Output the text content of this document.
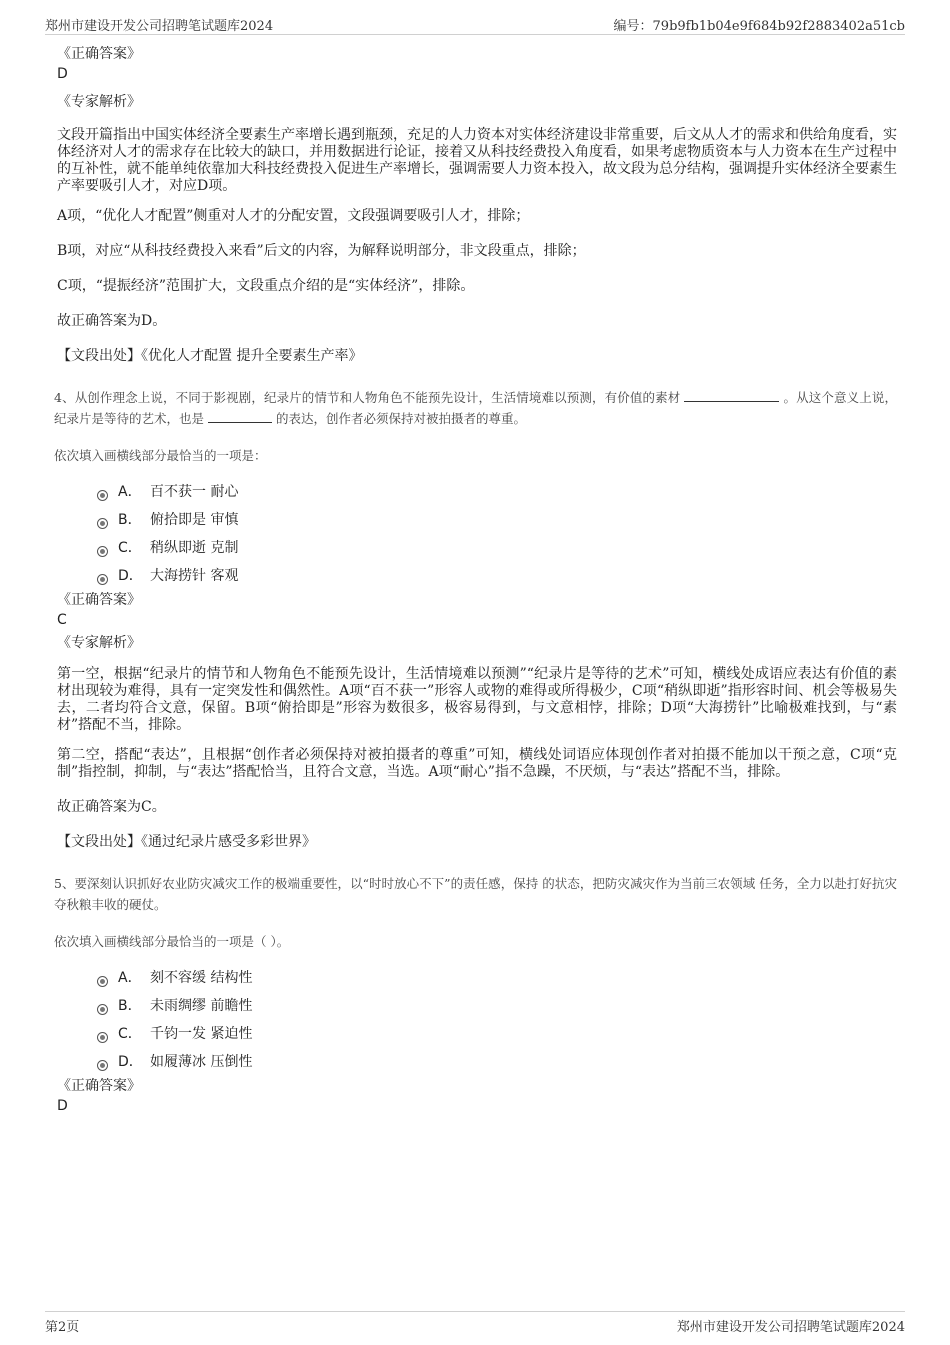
郑州市建设开发公司招聘笔试题库2024	编号：79b9fb1b04e9f684b92f2883402a51cb

《正确答案》

D

《专家解析》

文段开篇指出中国实体经济全要素生产率增长遇到瓶颈，充足的人力资本对实体经济建设非常重要，后文从人才的需求和供给角度看，实体经济对人才的需求存在比较大的缺口，并用数据进行论证，接着又从科技经费投入角度看，如果考虑物质资本与人力资本在生产过程中的互补性，就不能单纯依靠加大科技经费投入促进生产率增长，强调需要人力资本投入，故文段为总分结构，强调提升实体经济全要素生产率要吸引人才，对应D项。

A项，“优化人才配置”侧重对人才的分配安置，文段强调要吸引人才，排除；

B项，对应“从科技经费投入来看”后文的内容，为解释说明部分，非文段重点，排除；

C项，“提振经济”范围扩大，文段重点介绍的是“实体经济”，排除。

故正确答案为D。

【文段出处】《优化人才配置 提升全要素生产率》

4、从创作理念上说，不同于影视剧，纪录片的情节和人物角色不能预先设计，生活情境难以预测，有价值的素材	。从这个意义上说，纪录片是等待的艺术，也是	的表达，创作者必须保持对被拍摄者的尊重。

依次填入画横线部分最恰当的一项是：

A． 百不获一 耐心
B． 俯拾即是 审慎
C． 稍纵即逝 克制
D． 大海捞针 客观

《正确答案》

C

《专家解析》

第一空，根据“纪录片的情节和人物角色不能预先设计，生活情境难以预测”“纪录片是等待的艺术”可知，横线处成语应表达有价值的素材出现较为难得，具有一定突发性和偶然性。A项“百不获一”形容人或物的难得或所得极少，C项“稍纵即逝”指形容时间、机会等极易失去，二者均符合文意，保留。B项“俯拾即是”形容为数很多，极容易得到，与文意相悖，排除；D项“大海捞针”比喻极难找到，与“素材”搭配不当，排除。

第二空，搭配“表达”，且根据“创作者必须保持对被拍摄者的尊重”可知，横线处词语应体现创作者对拍摄不能加以干预之意，C项“克制”指控制，抑制，与“表达”搭配恰当，且符合文意，当选。A项“耐心”指不急躁，不厌烦，与“表达”搭配不当，排除。

故正确答案为C。

【文段出处】《通过纪录片感受多彩世界》

5、要深刻认识抓好农业防灾减灾工作的极端重要性，以“时时放心不下”的责任感，保持 的状态，把防灾减灾作为当前三农领域 任务，全力以赴打好抗灾夺秋粮丰收的硬仗。

依次填入画横线部分最恰当的一项是（ ）。

A． 刻不容缓 结构性
B． 未雨绸缪 前瞻性
C． 千钧一发 紧迫性
D． 如履薄冰 压倒性

《正确答案》

D

第2页	郑州市建设开发公司招聘笔试题库2024
